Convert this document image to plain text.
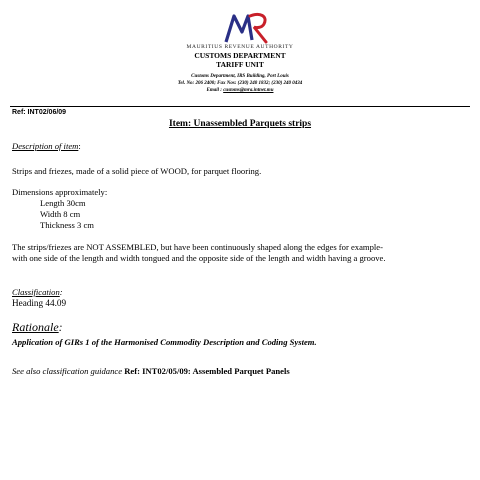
MAURITIUS REVENUE AUTHORITY
CUSTOMS DEPARTMENT
TARIFF UNIT
Customs Department, IRS Building, Port Louis
Tel. No: 206 2400; Fax Nos: (230) 240 1832; (230) 240 0434
Email : customs@mra.intnet.mu
Ref: INT02/06/09
Item: Unassembled Parquets strips
Description of item:
Strips and friezes, made of a solid piece of WOOD, for parquet flooring.
Dimensions approximately:
Length 30cm
Width 8 cm
Thickness 3 cm
The strips/friezes are NOT ASSEMBLED, but have been continuously shaped along the edges for example-
with one side of the length and width tongued and the opposite side of the length and width having a groove.
Classification:
Heading 44.09
Rationale:
Application of GIRs 1 of the Harmonised Commodity Description and Coding System.
See also classification guidance Ref: INT02/05/09: Assembled Parquet Panels
